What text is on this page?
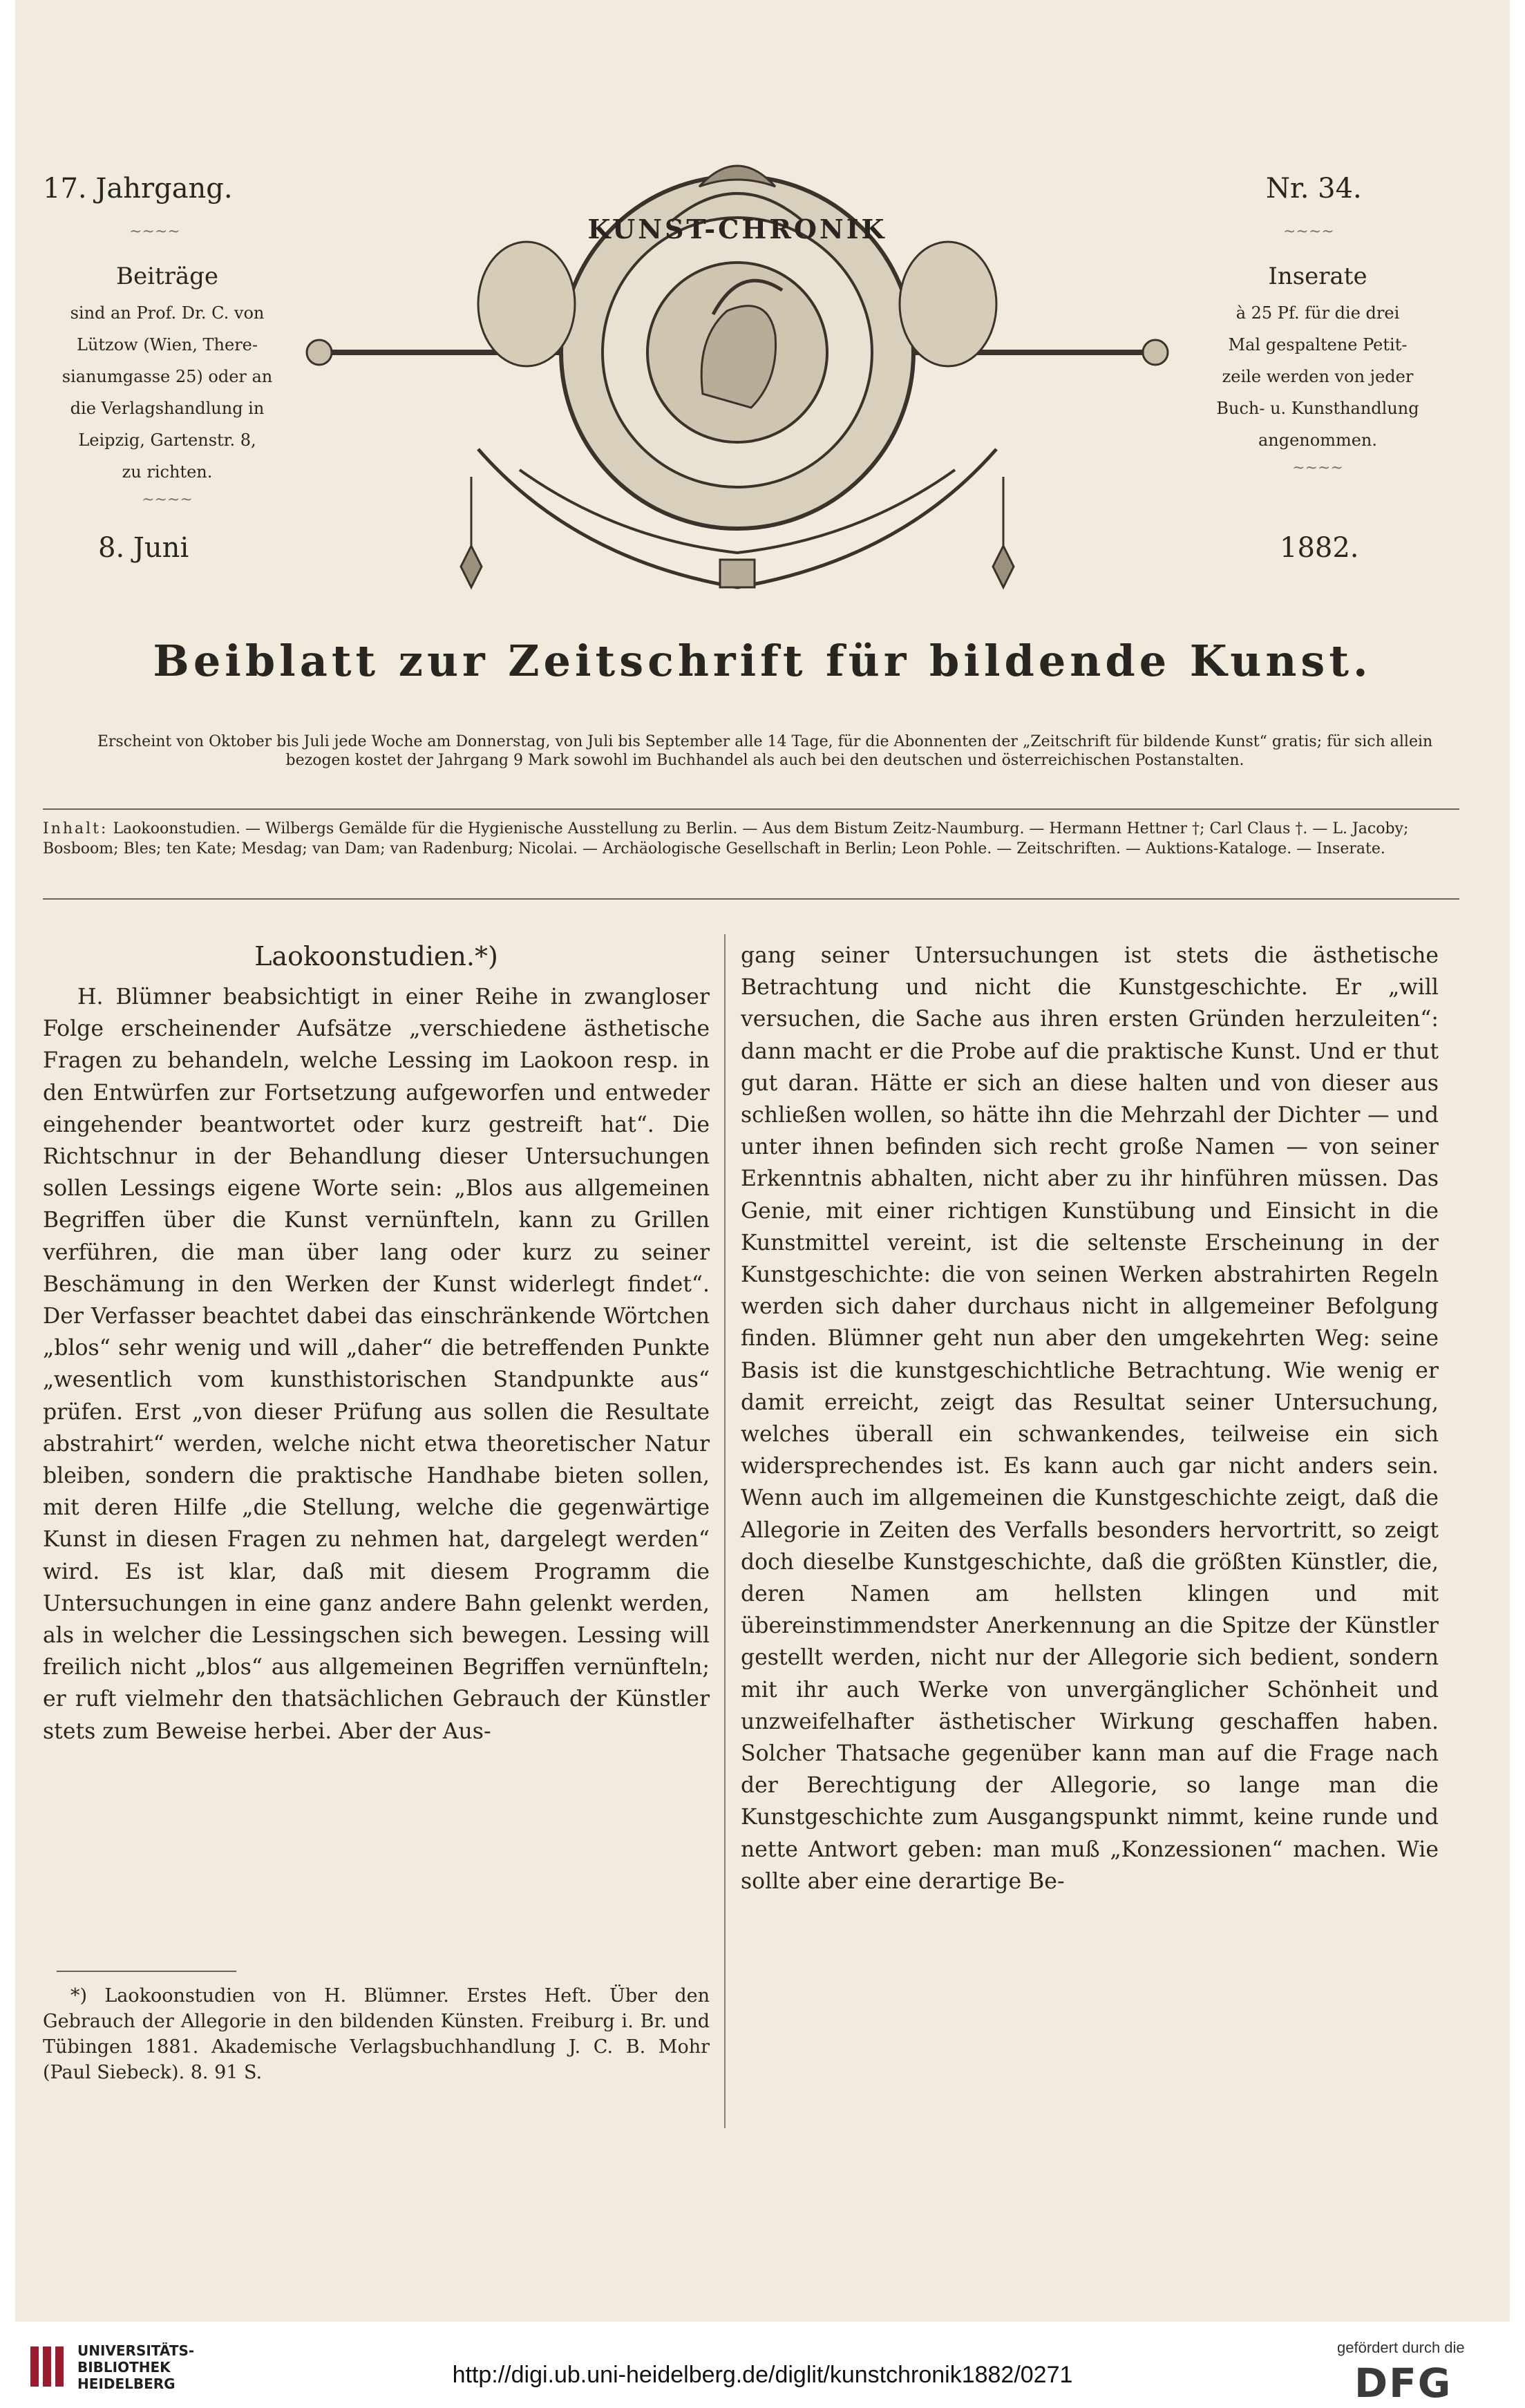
17. Jahrgang.	Nr. 34.
~~~~	~~~~

Beiträge

sind an Prof. Dr. C. von

Lützow (Wien, There-

sianumgasse 25) oder an

die Verlagshandlung in

Leipzig, Gartenstr. 8,

zu richten.

~~~~

Inserate

à 25 Pf. für die drei

Mal gespaltene Petit-

zeile werden von jeder

Buch- u. Kunsthandlung

angenommen.

~~~~

8. Juni	1882.
KUNST-CHRONIK
Beiblatt zur Zeitschrift für bildende Kunst.
Erscheint von Oktober bis Juli jede Woche am Donnerstag, von Juli bis September alle 14 Tage, für die Abonnenten der „Zeitschrift für bildende Kunst“ gratis; für sich allein bezogen kostet der Jahrgang 9 Mark sowohl im Buchhandel als auch bei den deutschen und österreichischen Postanstalten.
Inhalt: Laokoonstudien. — Wilbergs Gemälde für die Hygienische Ausstellung zu Berlin. — Aus dem Bistum Zeitz-Naumburg. — Hermann Hettner †; Carl Claus †. — L. Jacoby; Bosboom; Bles; ten Kate; Mesdag; van Dam; van Radenburg; Nicolai. — Archäologische Gesellschaft in Berlin; Leon Pohle. — Zeitschriften. — Auktions-Kataloge. — Inserate.
Laokoonstudien.*)

H. Blümner beabsichtigt in einer Reihe in zwangloser Folge erscheinender Aufsätze „verschiedene ästhetische Fragen zu behandeln, welche Lessing im Laokoon resp. in den Entwürfen zur Fortsetzung aufgeworfen und entweder eingehender beantwortet oder kurz gestreift hat“. Die Richtschnur in der Behandlung dieser Untersuchungen sollen Lessings eigene Worte sein: „Blos aus allgemeinen Begriffen über die Kunst vernünfteln, kann zu Grillen verführen, die man über lang oder kurz zu seiner Beschämung in den Werken der Kunst widerlegt findet“. Der Verfasser beachtet dabei das einschränkende Wörtchen „blos“ sehr wenig und will „daher“ die betreffenden Punkte „wesentlich vom kunsthistorischen Standpunkte aus“ prüfen. Erst „von dieser Prüfung aus sollen die Resultate abstrahirt“ werden, welche nicht etwa theoretischer Natur bleiben, sondern die praktische Handhabe bieten sollen, mit deren Hilfe „die Stellung, welche die gegenwärtige Kunst in diesen Fragen zu nehmen hat, dargelegt werden“ wird. Es ist klar, daß mit diesem Programm die Untersuchungen in eine ganz andere Bahn gelenkt werden, als in welcher die Lessingschen sich bewegen. Lessing will freilich nicht „blos“ aus allgemeinen Begriffen vernünfteln; er ruft vielmehr den thatsächlichen Gebrauch der Künstler stets zum Beweise herbei. Aber der Aus-

gang seiner Untersuchungen ist stets die ästhetische Betrachtung und nicht die Kunstgeschichte. Er „will versuchen, die Sache aus ihren ersten Gründen herzuleiten“: dann macht er die Probe auf die praktische Kunst. Und er thut gut daran. Hätte er sich an diese halten und von dieser aus schließen wollen, so hätte ihn die Mehrzahl der Dichter — und unter ihnen befinden sich recht große Namen — von seiner Erkenntnis abhalten, nicht aber zu ihr hinführen müssen. Das Genie, mit einer richtigen Kunstübung und Einsicht in die Kunstmittel vereint, ist die seltenste Erscheinung in der Kunstgeschichte: die von seinen Werken abstrahirten Regeln werden sich daher durchaus nicht in allgemeiner Befolgung finden. Blümner geht nun aber den umgekehrten Weg: seine Basis ist die kunstgeschichtliche Betrachtung. Wie wenig er damit erreicht, zeigt das Resultat seiner Untersuchung, welches überall ein schwankendes, teilweise ein sich widersprechendes ist. Es kann auch gar nicht anders sein. Wenn auch im allgemeinen die Kunstgeschichte zeigt, daß die Allegorie in Zeiten des Verfalls besonders hervortritt, so zeigt doch dieselbe Kunstgeschichte, daß die größten Künstler, die, deren Namen am hellsten klingen und mit übereinstimmendster Anerkennung an die Spitze der Künstler gestellt werden, nicht nur der Allegorie sich bedient, sondern mit ihr auch Werke von unvergänglicher Schönheit und unzweifelhafter ästhetischer Wirkung geschaffen haben. Solcher Thatsache gegenüber kann man auf die Frage nach der Berechtigung der Allegorie, so lange man die Kunstgeschichte zum Ausgangspunkt nimmt, keine runde und nette Antwort geben: man muß „Konzessionen“ machen. Wie sollte aber eine derartige Be-

*) Laokoonstudien von H. Blümner. Erstes Heft. Über den Gebrauch der Allegorie in den bildenden Künsten. Freiburg i. Br. und Tübingen 1881. Akademische Verlagsbuchhandlung J. C. B. Mohr (Paul Siebeck). 8. 91 S.

UNIVERSITÄTS-
BIBLIOTHEK
HEIDELBERG	http://digi.ub.uni-heidelberg.de/diglit/kunstchronik1882/0271
gefördert durch die
DFG
